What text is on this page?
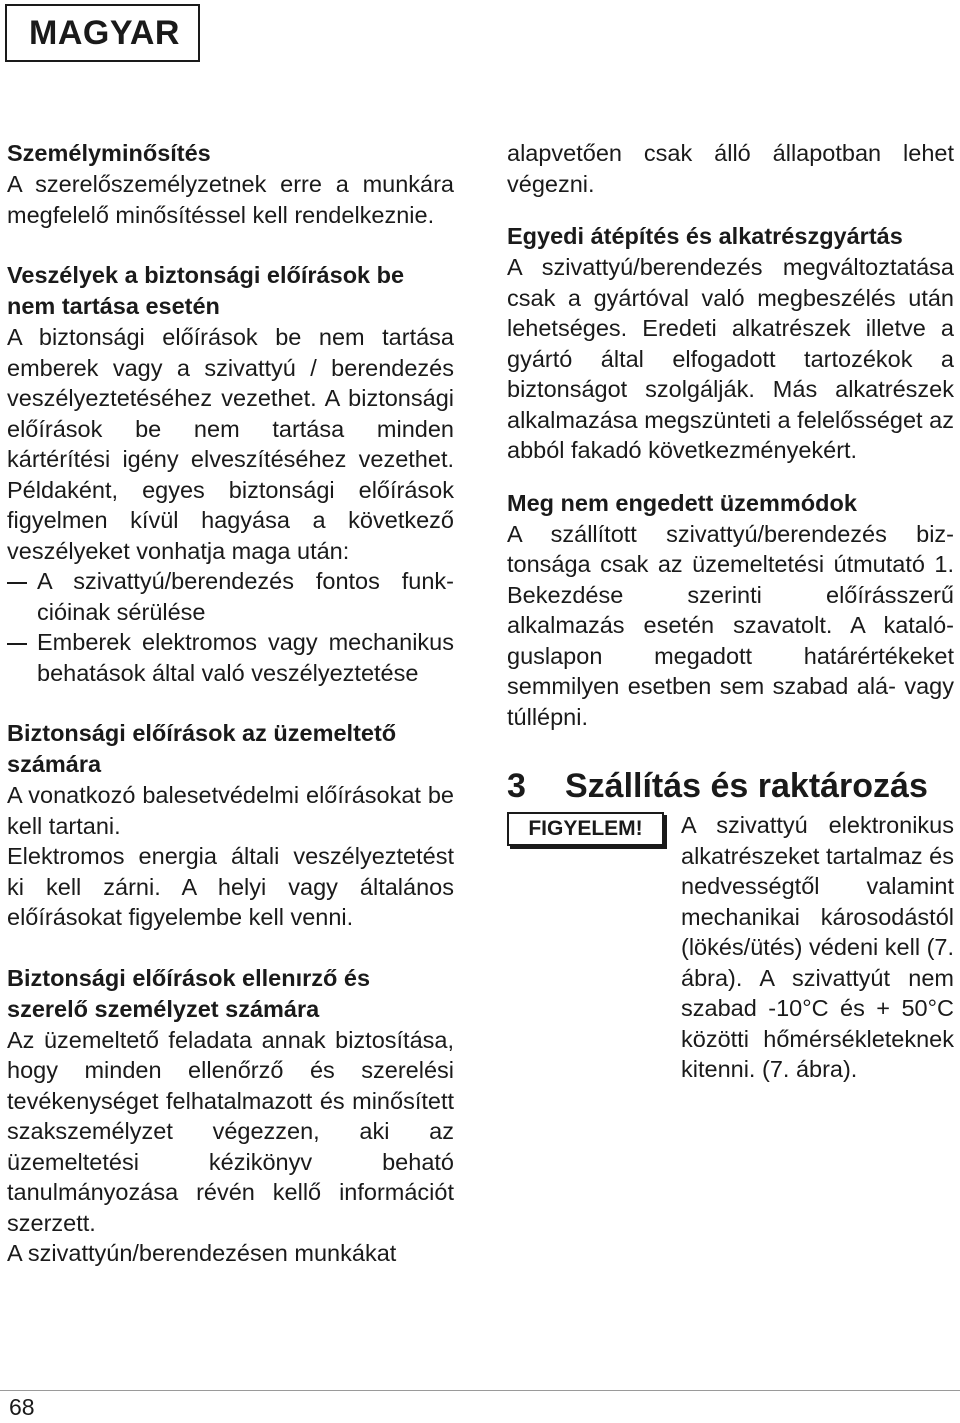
MAGYAR
Személyminősítés

A szerelőszemélyzetnek erre a munkára megfelelő minősítéssel kell rendelkeznie.

Veszélyek a biztonsági előírások be nem tartása esetén

A biztonsági előírások be nem tartása emberek vagy a szivattyú / berendezés veszélyeztetéséhez vezethet. A biztonsági előírások be nem tartása minden kártérítési igény elveszítéséhez vezethet. Példaként, egyes biztonsági előírások figyelmen kívül hagyása a következő veszélyeket vonhatja maga után:

A szivattyú/berendezés fontos funkcióinak sérülése
Emberek elektromos vagy mechanikus behatások által való veszélyeztetése
Biztonsági előírások az üzemeltető számára

A vonatkozó balesetvédelmi előírásokat be kell tartani.

Elektromos energia általi veszélyeztetést ki kell zárni. A helyi vagy általános előírásokat figyelembe kell venni.

Biztonsági előírások ellenırző és szerelő személyzet számára

Az üzemeltető feladata annak biztosítása, hogy minden ellenőrző és szerelési tevékenységet felhatalmazott és minősített szakszemélyzet végezzen, aki az üzemeltetési kézikönyv beható tanulmányozása révén kellő információt szerzett.

A szivattyún/berendezésen munkákat

alapvetően csak álló állapotban lehet végezni.

Egyedi átépítés és alkatrészgyártás

A szivattyú/berendezés megváltoztatása csak a gyártóval való megbeszélés után lehetséges. Eredeti alkatrészek illetve a gyártó által elfogadott tartozékok a biztonságot szolgálják. Más alkatrészek alkalmazása megszünteti a felelősséget az abból fakadó következményekért.

Meg nem engedett üzemmódok

A szállított szivattyú/berendezés biztonsága csak az üzemeltetési útmutató 1. Bekezdése szerinti előírásszerű alkalmazás esetén szavatolt. A katalóguslapon megadott határértékeket semmilyen esetben sem szabad alá- vagy túllépni.

3	Szállítás és raktározás
FIGYELEM!	A szivattyú elektronikus alkatrészeket tartalmaz és nedvességtől valamint mechanikai károsodástól (lökés/ütés) védeni kell (7. ábra). A szivattyút nem szabad -10°C és + 50°C közötti hőmérsékleteknek kitenni. (7. ábra).

68
